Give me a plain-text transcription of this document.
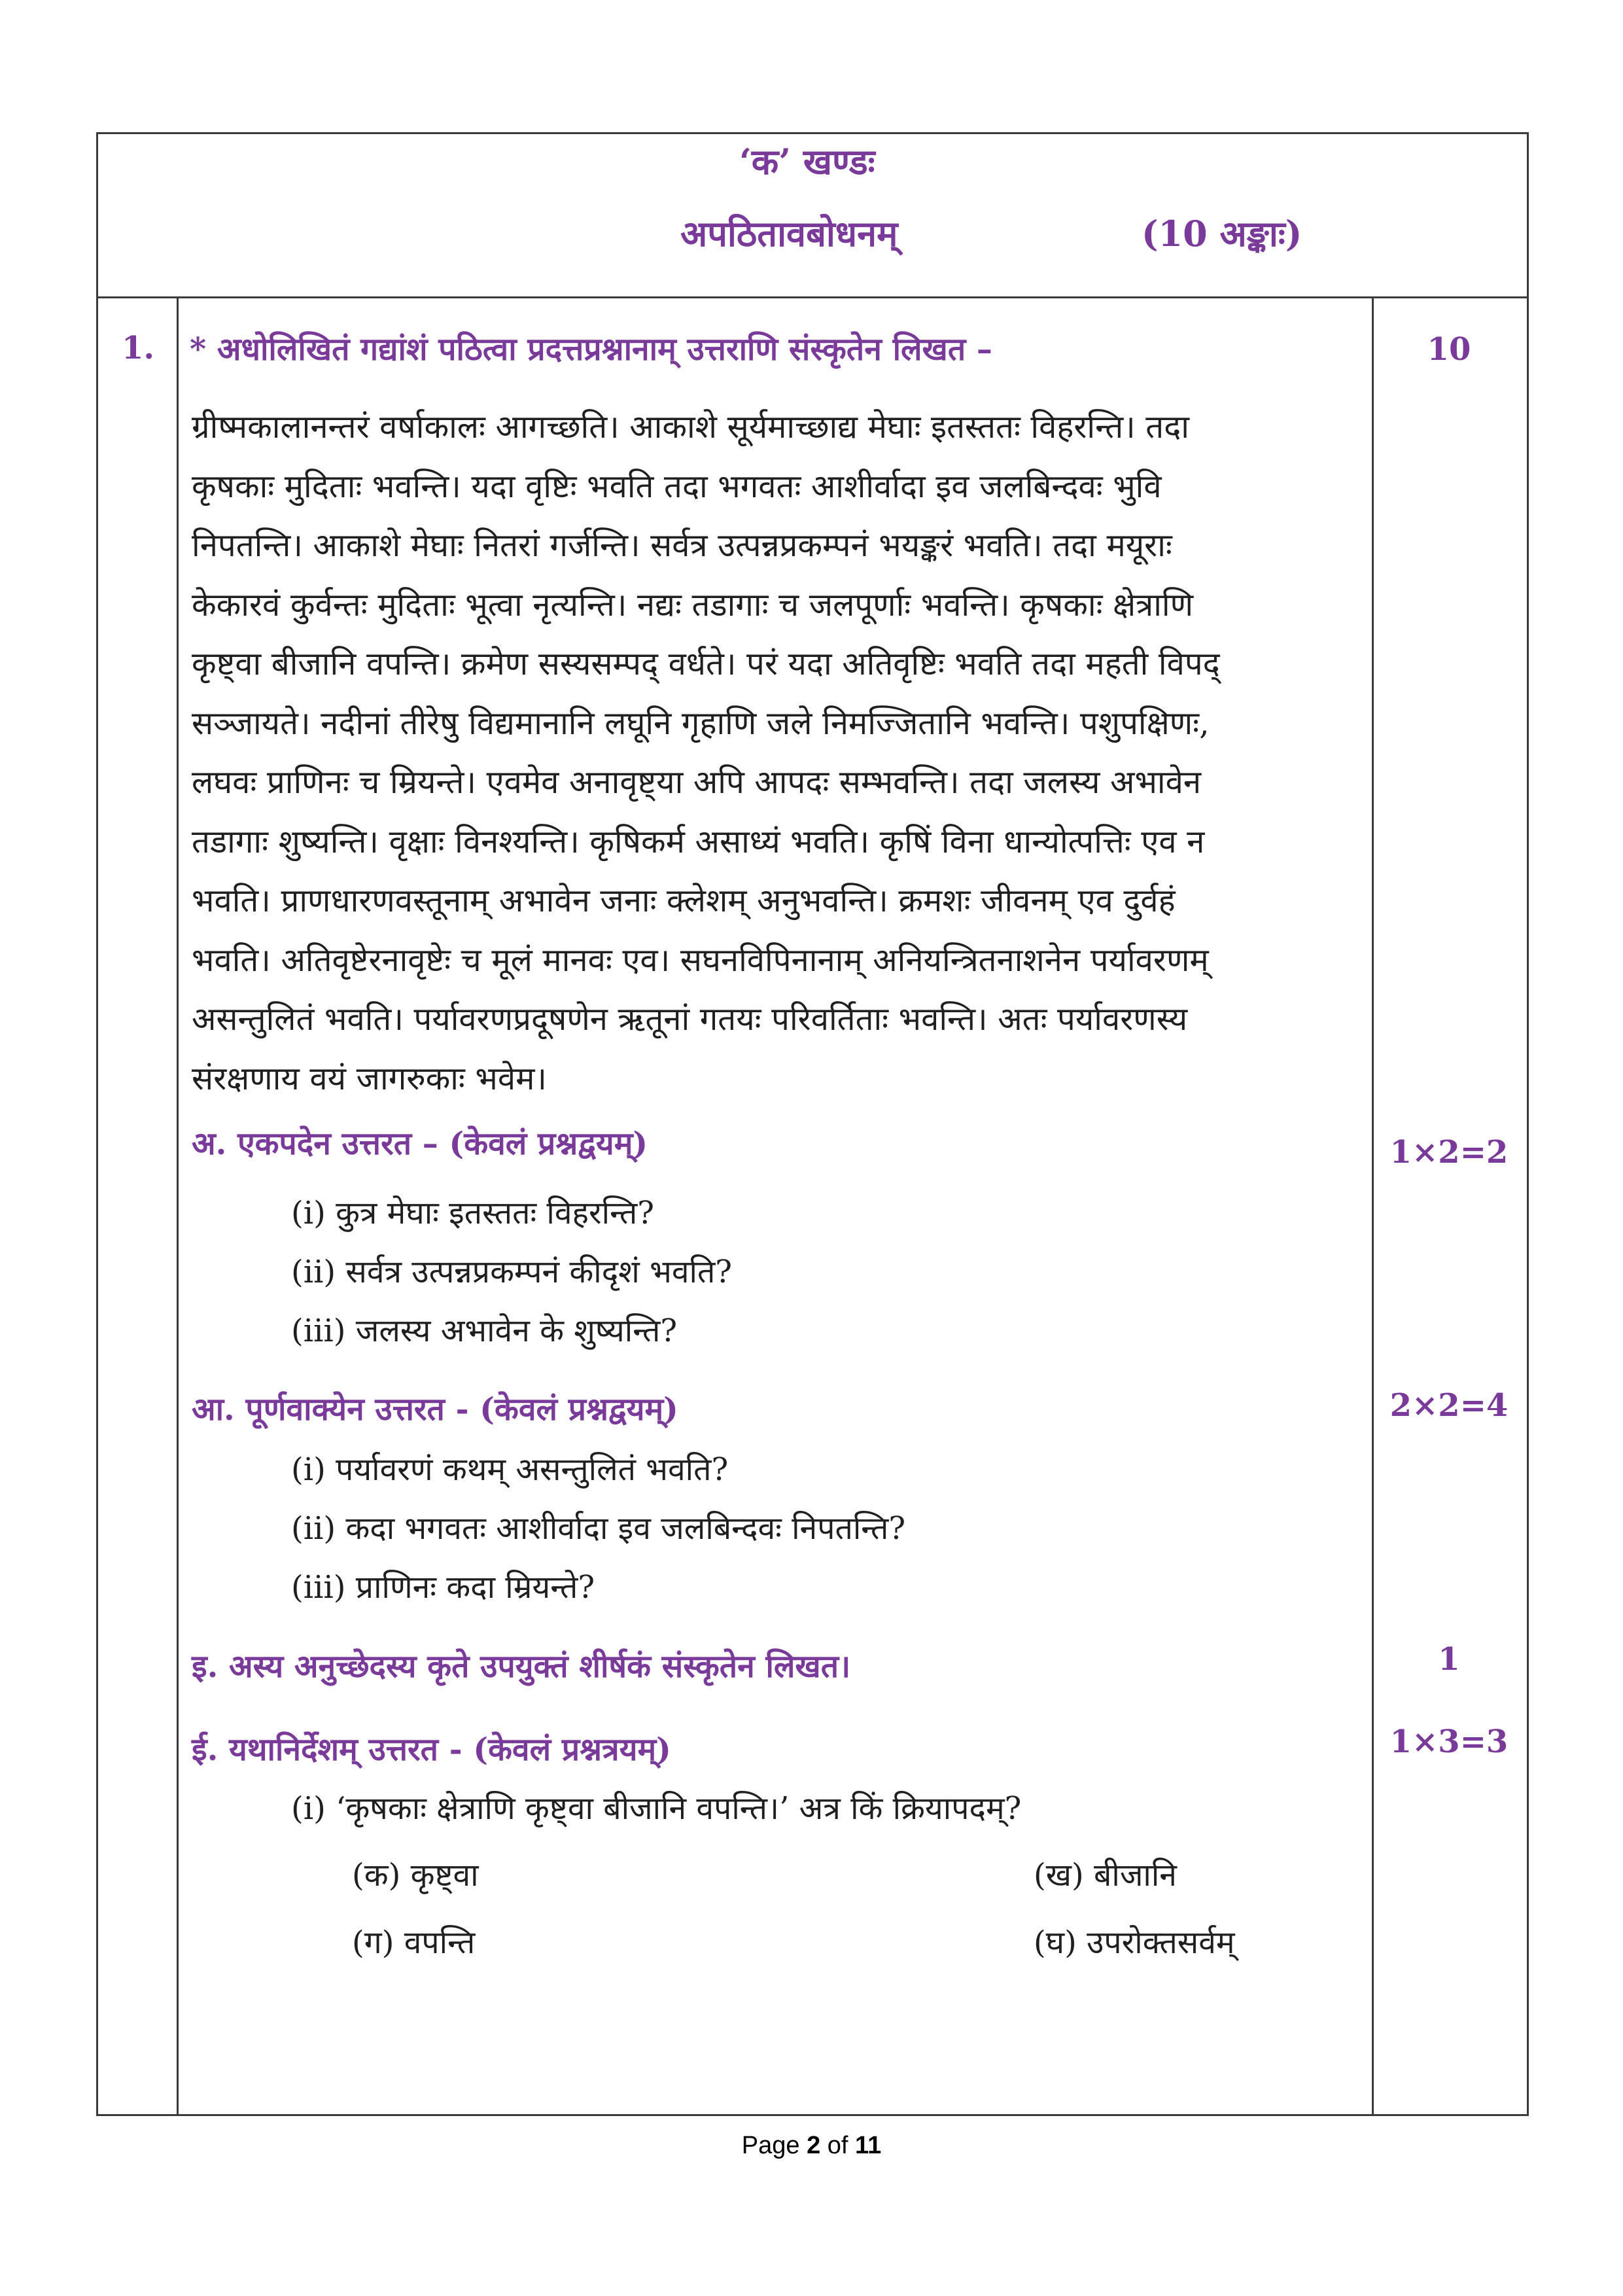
‘क’ खण्डः
अपठितावबोधनम्	(10 अङ्काः)
1. * अधोलिखितं गद्यांशं पठित्वा प्रदत्तप्रश्नानाम् उत्तराणि संस्कृतेन लिखत –	10
ग्रीष्मकालानन्तरं वर्षाकालः आगच्छति। आकाशे सूर्यमाच्छाद्य मेघाः इतस्ततः विहरन्ति। तदा
कृषकाः मुदिताः भवन्ति। यदा वृष्टिः भवति तदा भगवतः आशीर्वादा इव जलबिन्दवः भुवि
निपतन्ति। आकाशे मेघाः नितरां गर्जन्ति। सर्वत्र उत्पन्नप्रकम्पनं भयङ्करं भवति। तदा मयूराः
केकारवं कुर्वन्तः मुदिताः भूत्वा नृत्यन्ति। नद्यः तडागाः च जलपूर्णाः भवन्ति। कृषकाः क्षेत्राणि
कृष्ट्वा बीजानि वपन्ति। क्रमेण सस्यसम्पद् वर्धते। परं यदा अतिवृष्टिः भवति तदा महती विपद्
सञ्जायते। नदीनां तीरेषु विद्यमानानि लघूनि गृहाणि जले निमज्जितानि भवन्ति। पशुपक्षिणः,
लघवः प्राणिनः च म्रियन्ते। एवमेव अनावृष्ट्या अपि आपदः सम्भवन्ति। तदा जलस्य अभावेन
तडागाः शुष्यन्ति। वृक्षाः विनश्यन्ति। कृषिकर्म असाध्यं भवति। कृषिं विना धान्योत्पत्तिः एव न
भवति। प्राणधारणवस्तूनाम् अभावेन जनाः क्लेशम् अनुभवन्ति। क्रमशः जीवनम् एव दुर्वहं
भवति। अतिवृष्टेरनावृष्टेः च मूलं मानवः एव। सघनविपिनानाम् अनियन्त्रितनाशनेन पर्यावरणम्
असन्तुलितं भवति। पर्यावरणप्रदूषणेन ऋतूनां गतयः परिवर्तिताः भवन्ति। अतः पर्यावरणस्य
संरक्षणाय वयं जागरुकाः भवेम।
अ. एकपदेन उत्तरत – (केवलं प्रश्नद्वयम्)	1×2=2
(i) कुत्र मेघाः इतस्ततः विहरन्ति?
(ii) सर्वत्र उत्पन्नप्रकम्पनं कीदृशं भवति?
(iii) जलस्य अभावेन के शुष्यन्ति?
आ. पूर्णवाक्येन उत्तरत - (केवलं प्रश्नद्वयम्)	2×2=4
(i) पर्यावरणं कथम् असन्तुलितं भवति?
(ii) कदा भगवतः आशीर्वादा इव जलबिन्दवः निपतन्ति?
(iii) प्राणिनः कदा म्रियन्ते?
इ. अस्य अनुच्छेदस्य कृते उपयुक्तं शीर्षकं संस्कृतेन लिखत।	1
ई. यथानिर्देशम् उत्तरत - (केवलं प्रश्नत्रयम्)	1×3=3
(i) ‘कृषकाः क्षेत्राणि कृष्ट्वा बीजानि वपन्ति।’ अत्र किं क्रियापदम्?
(क) कृष्ट्वा	(ख) बीजानि
(ग) वपन्ति	(घ) उपरोक्तसर्वम्
Page 2 of 11
